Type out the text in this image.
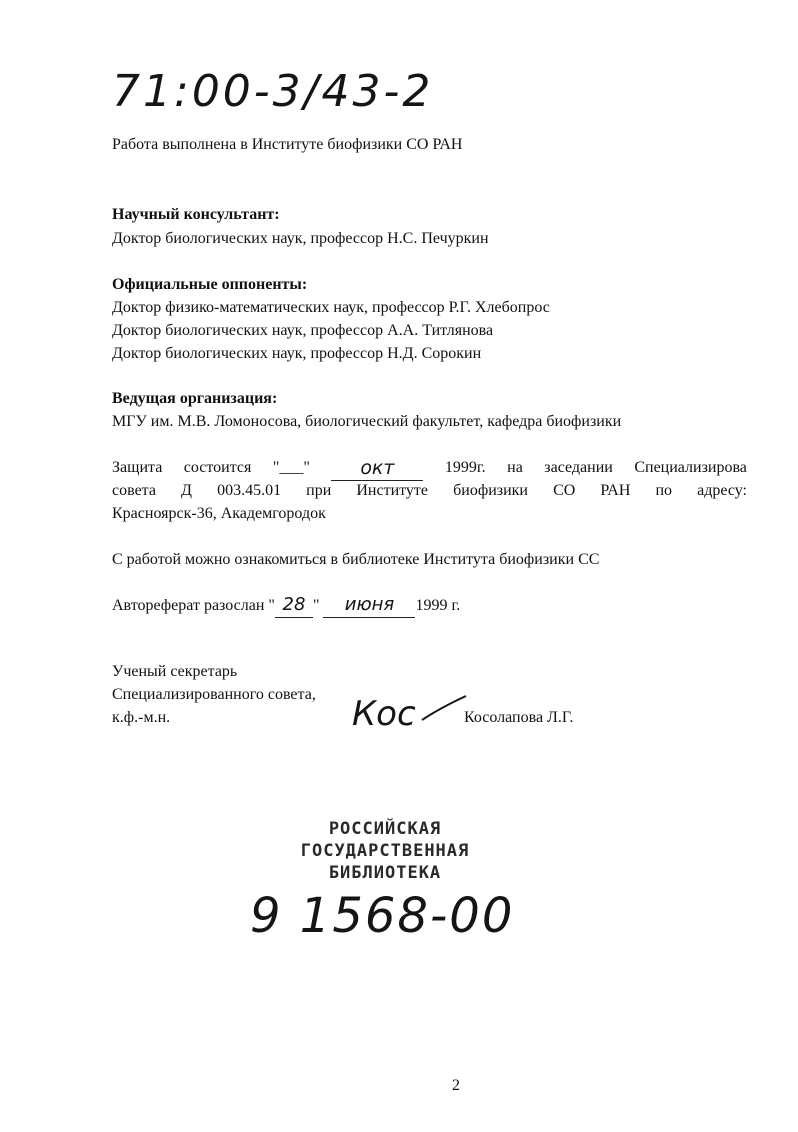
71:00-3/43-2
Работа выполнена в Институте биофизики СО РАН
Научный консультант:
Доктор биологических наук, профессор Н.С. Печуркин
Официальные оппоненты:
Доктор физико-математических наук, профессор Р.Г. Хлебопрос
Доктор биологических наук, профессор А.А. Титлянова
Доктор биологических наук, профессор Н.Д. Сорокин
Ведущая организация:
МГУ им. М.В. Ломоносова, биологический факультет, кафедра биофизики
Защита состоится "___"	окт	1999г. на заседании Специализирова
совета Д 003.45.01 при Институте биофизики СО РАН по адресу:
Красноярск-36, Академгородок
С работой можно ознакомиться в библиотеке Института биофизики СС
Автореферат разослан " 28 " июня 1999 г.
Ученый секретарь
Специализированного совета,
к.ф.-м.н.	Кос	Косолапова Л.Г.
РОССИЙСКАЯ
ГОСУДАРСТВЕННАЯ
БИБЛИОТЕКА
9 1568-00
2
